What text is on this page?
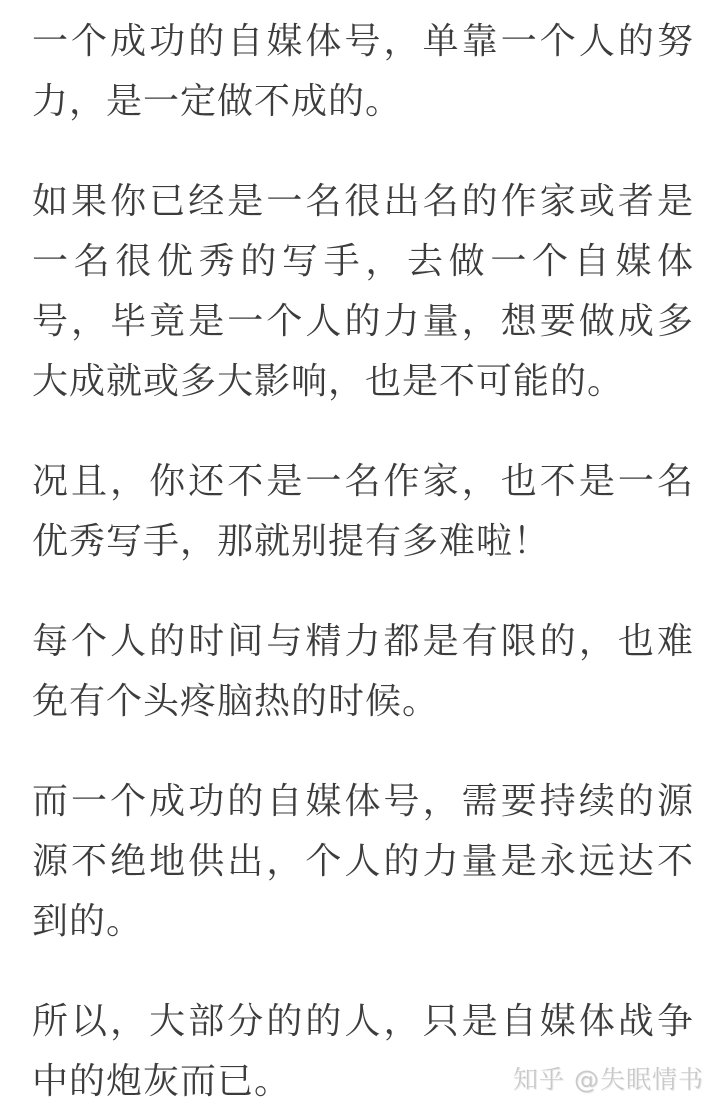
一个成功的自媒体号，单靠一个人的努力，是一定做不成的。

如果你已经是一名很出名的作家或者是一名很优秀的写手，去做一个自媒体号，毕竟是一个人的力量，想要做成多大成就或多大影响，也是不可能的。

况且，你还不是一名作家，也不是一名优秀写手，那就别提有多难啦！

每个人的时间与精力都是有限的，也难免有个头疼脑热的时候。

而一个成功的自媒体号，需要持续的源源不绝地供出，个人的力量是永远达不到的。

所以，大部分的的人，只是自媒体战争中的炮灰而已。	知乎 @失眠情书
